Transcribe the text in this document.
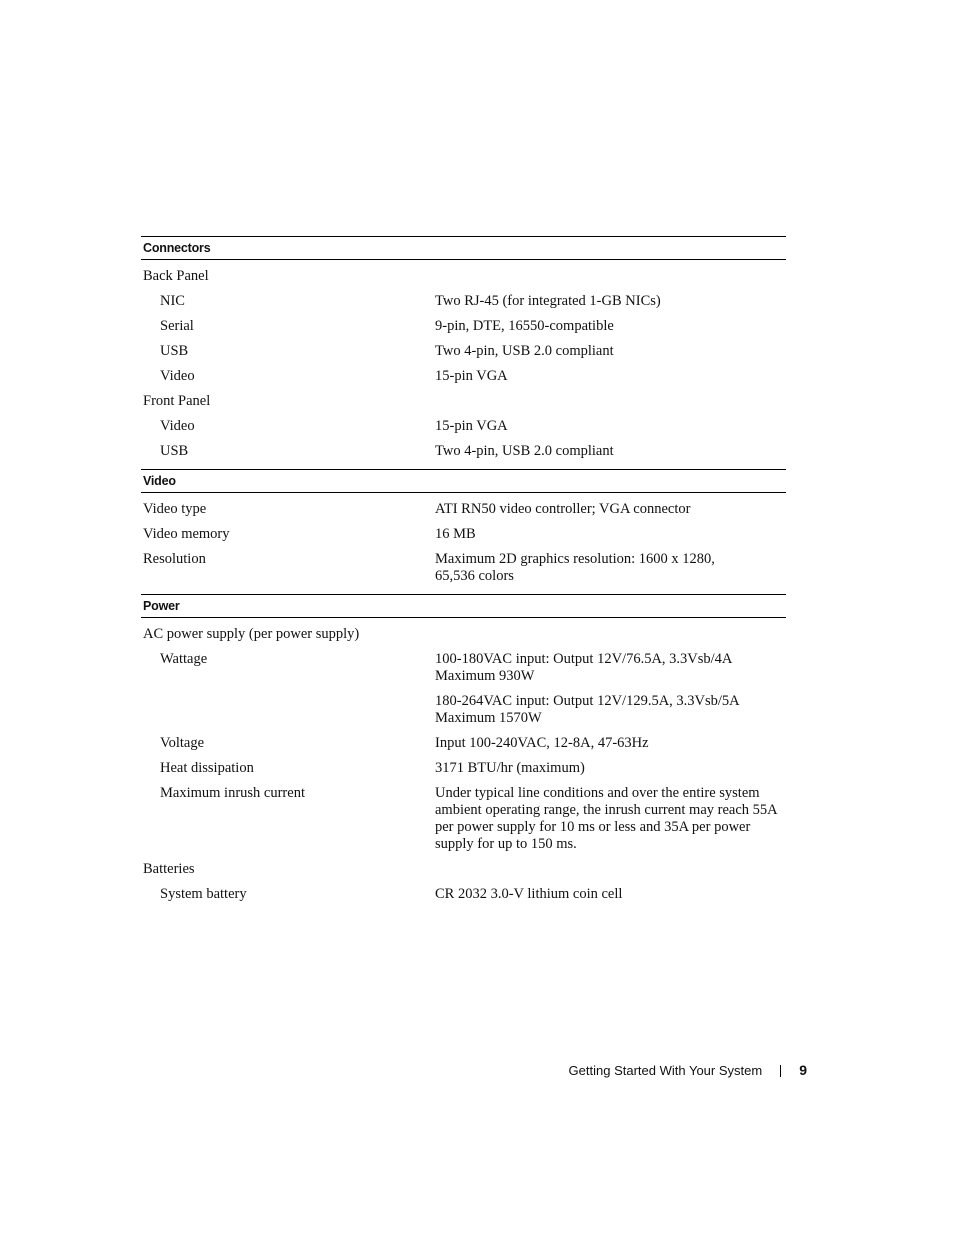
Connectors
Back Panel
NIC	Two RJ-45 (for integrated 1-GB NICs)
Serial	9-pin, DTE, 16550-compatible
USB	Two 4-pin, USB 2.0 compliant
Video	15-pin VGA
Front Panel
Video	15-pin VGA
USB	Two 4-pin, USB 2.0 compliant
Video
Video type	ATI RN50 video controller; VGA connector
Video memory	16 MB
Resolution	Maximum 2D graphics resolution: 1600 x 1280,
65,536 colors
Power
AC power supply (per power supply)
Wattage	100-180VAC input: Output 12V/76.5A, 3.3Vsb/4A
Maximum 930W
180-264VAC input: Output 12V/129.5A, 3.3Vsb/5A
Maximum 1570W
Voltage	Input 100-240VAC, 12-8A, 47-63Hz
Heat dissipation	3171 BTU/hr (maximum)
Maximum inrush current	Under typical line conditions and over the entire system
ambient operating range, the inrush current may reach 55A
per power supply for 10 ms or less and 35A per power
supply for up to 150 ms.
Batteries
System battery	CR 2032 3.0-V lithium coin cell
Getting Started With Your System	9
